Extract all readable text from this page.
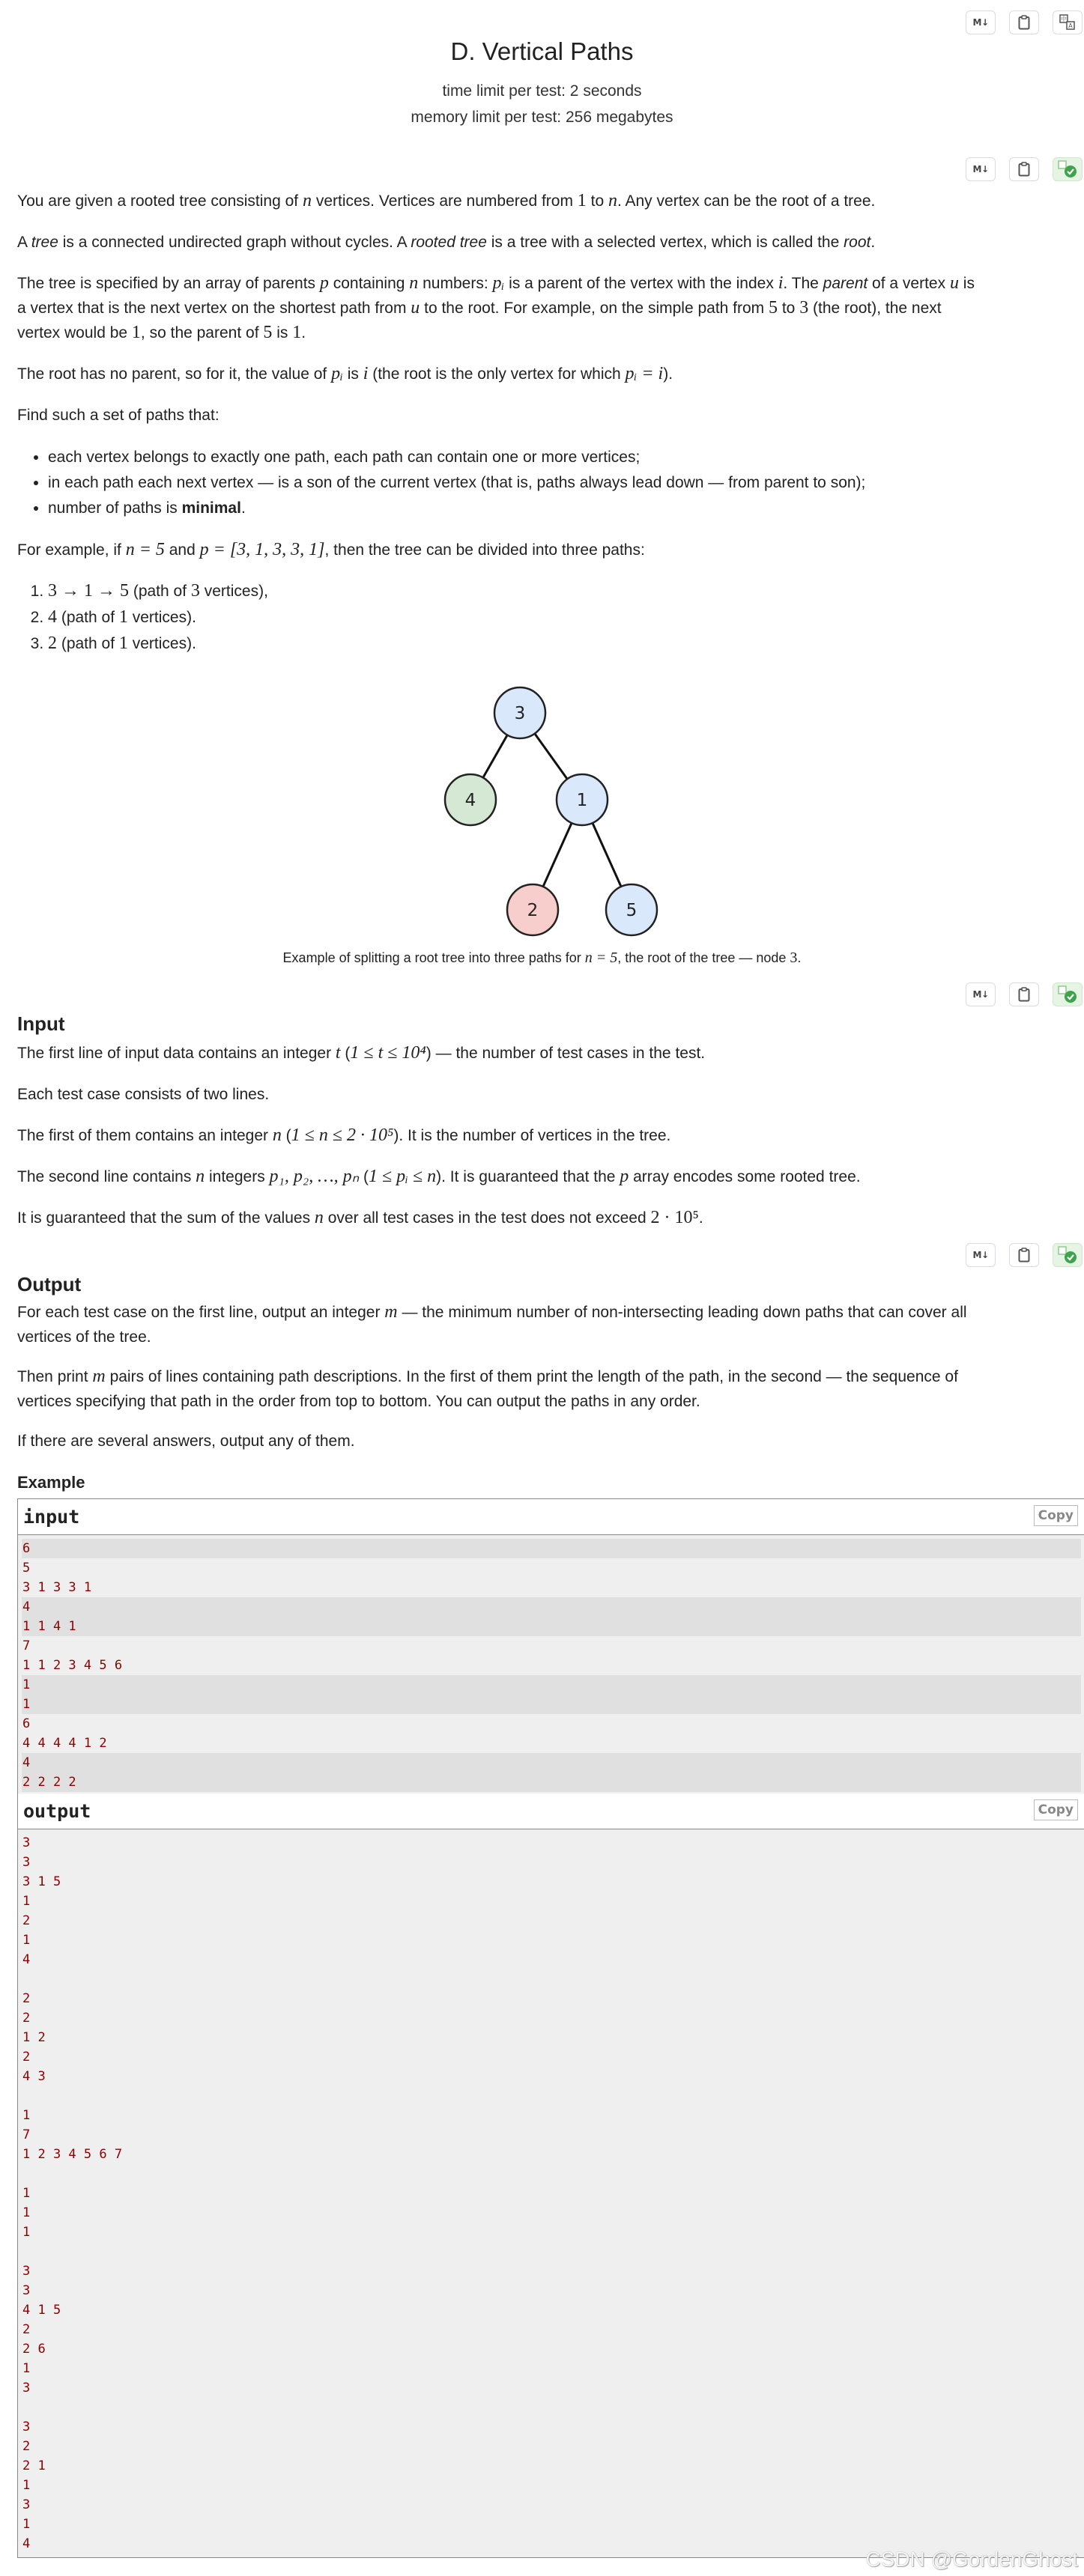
M↓	中
A
D. Vertical Paths
time limit per test: 2 seconds
memory limit per test: 256 megabytes
M↓
You are given a rooted tree consisting of n vertices. Vertices are numbered from 1 to n. Any vertex can be the root of a tree.
A tree is a connected undirected graph without cycles. A rooted tree is a tree with a selected vertex, which is called the root.
The tree is specified by an array of parents p containing n numbers: pᵢ is a parent of the vertex with the index i. The parent of a vertex u is
a vertex that is the next vertex on the shortest path from u to the root. For example, on the simple path from 5 to 3 (the root), the next
vertex would be 1, so the parent of 5 is 1.
The root has no parent, so for it, the value of pᵢ is i (the root is the only vertex for which pᵢ = i).
Find such a set of paths that:
• each vertex belongs to exactly one path, each path can contain one or more vertices;
• in each path each next vertex — is a son of the current vertex (that is, paths always lead down — from parent to son);
• number of paths is minimal.
For example, if n = 5 and p = [3, 1, 3, 3, 1], then the tree can be divided into three paths:
1. 3 → 1 → 5 (path of 3 vertices),
2. 4 (path of 1 vertices).
3. 2 (path of 1 vertices).
3
4	1
2	5
Example of splitting a root tree into three paths for n = 5, the root of the tree — node 3.
M↓
Input
The first line of input data contains an integer t (1 ≤ t ≤ 10⁴) — the number of test cases in the test.
Each test case consists of two lines.
The first of them contains an integer n (1 ≤ n ≤ 2 · 10⁵). It is the number of vertices in the tree.
The second line contains n integers p₁, p₂, …, pₙ (1 ≤ pᵢ ≤ n). It is guaranteed that the p array encodes some rooted tree.
It is guaranteed that the sum of the values n over all test cases in the test does not exceed 2 · 10⁵.
M↓
Output
For each test case on the first line, output an integer m — the minimum number of non-intersecting leading down paths that can cover all
vertices of the tree.
Then print m pairs of lines containing path descriptions. In the first of them print the length of the path, in the second — the sequence of
vertices specifying that path in the order from top to bottom. You can output the paths in any order.
If there are several answers, output any of them.
Example
input	Copy
6
5
3 1 3 3 1
4
1 1 4 1
7
1 1 2 3 4 5 6
1
1
6
4 4 4 4 1 2
4
2 2 2 2
output	Copy
3
3
3 1 5
1
2
1
4
2
2
1 2
2
4 3
1
7
1 2 3 4 5 6 7
1
1
1
3
3
4 1 5
2
2 6
1
3
3
2
2 1
1
3
1
4
CSDN @GordenGhost
